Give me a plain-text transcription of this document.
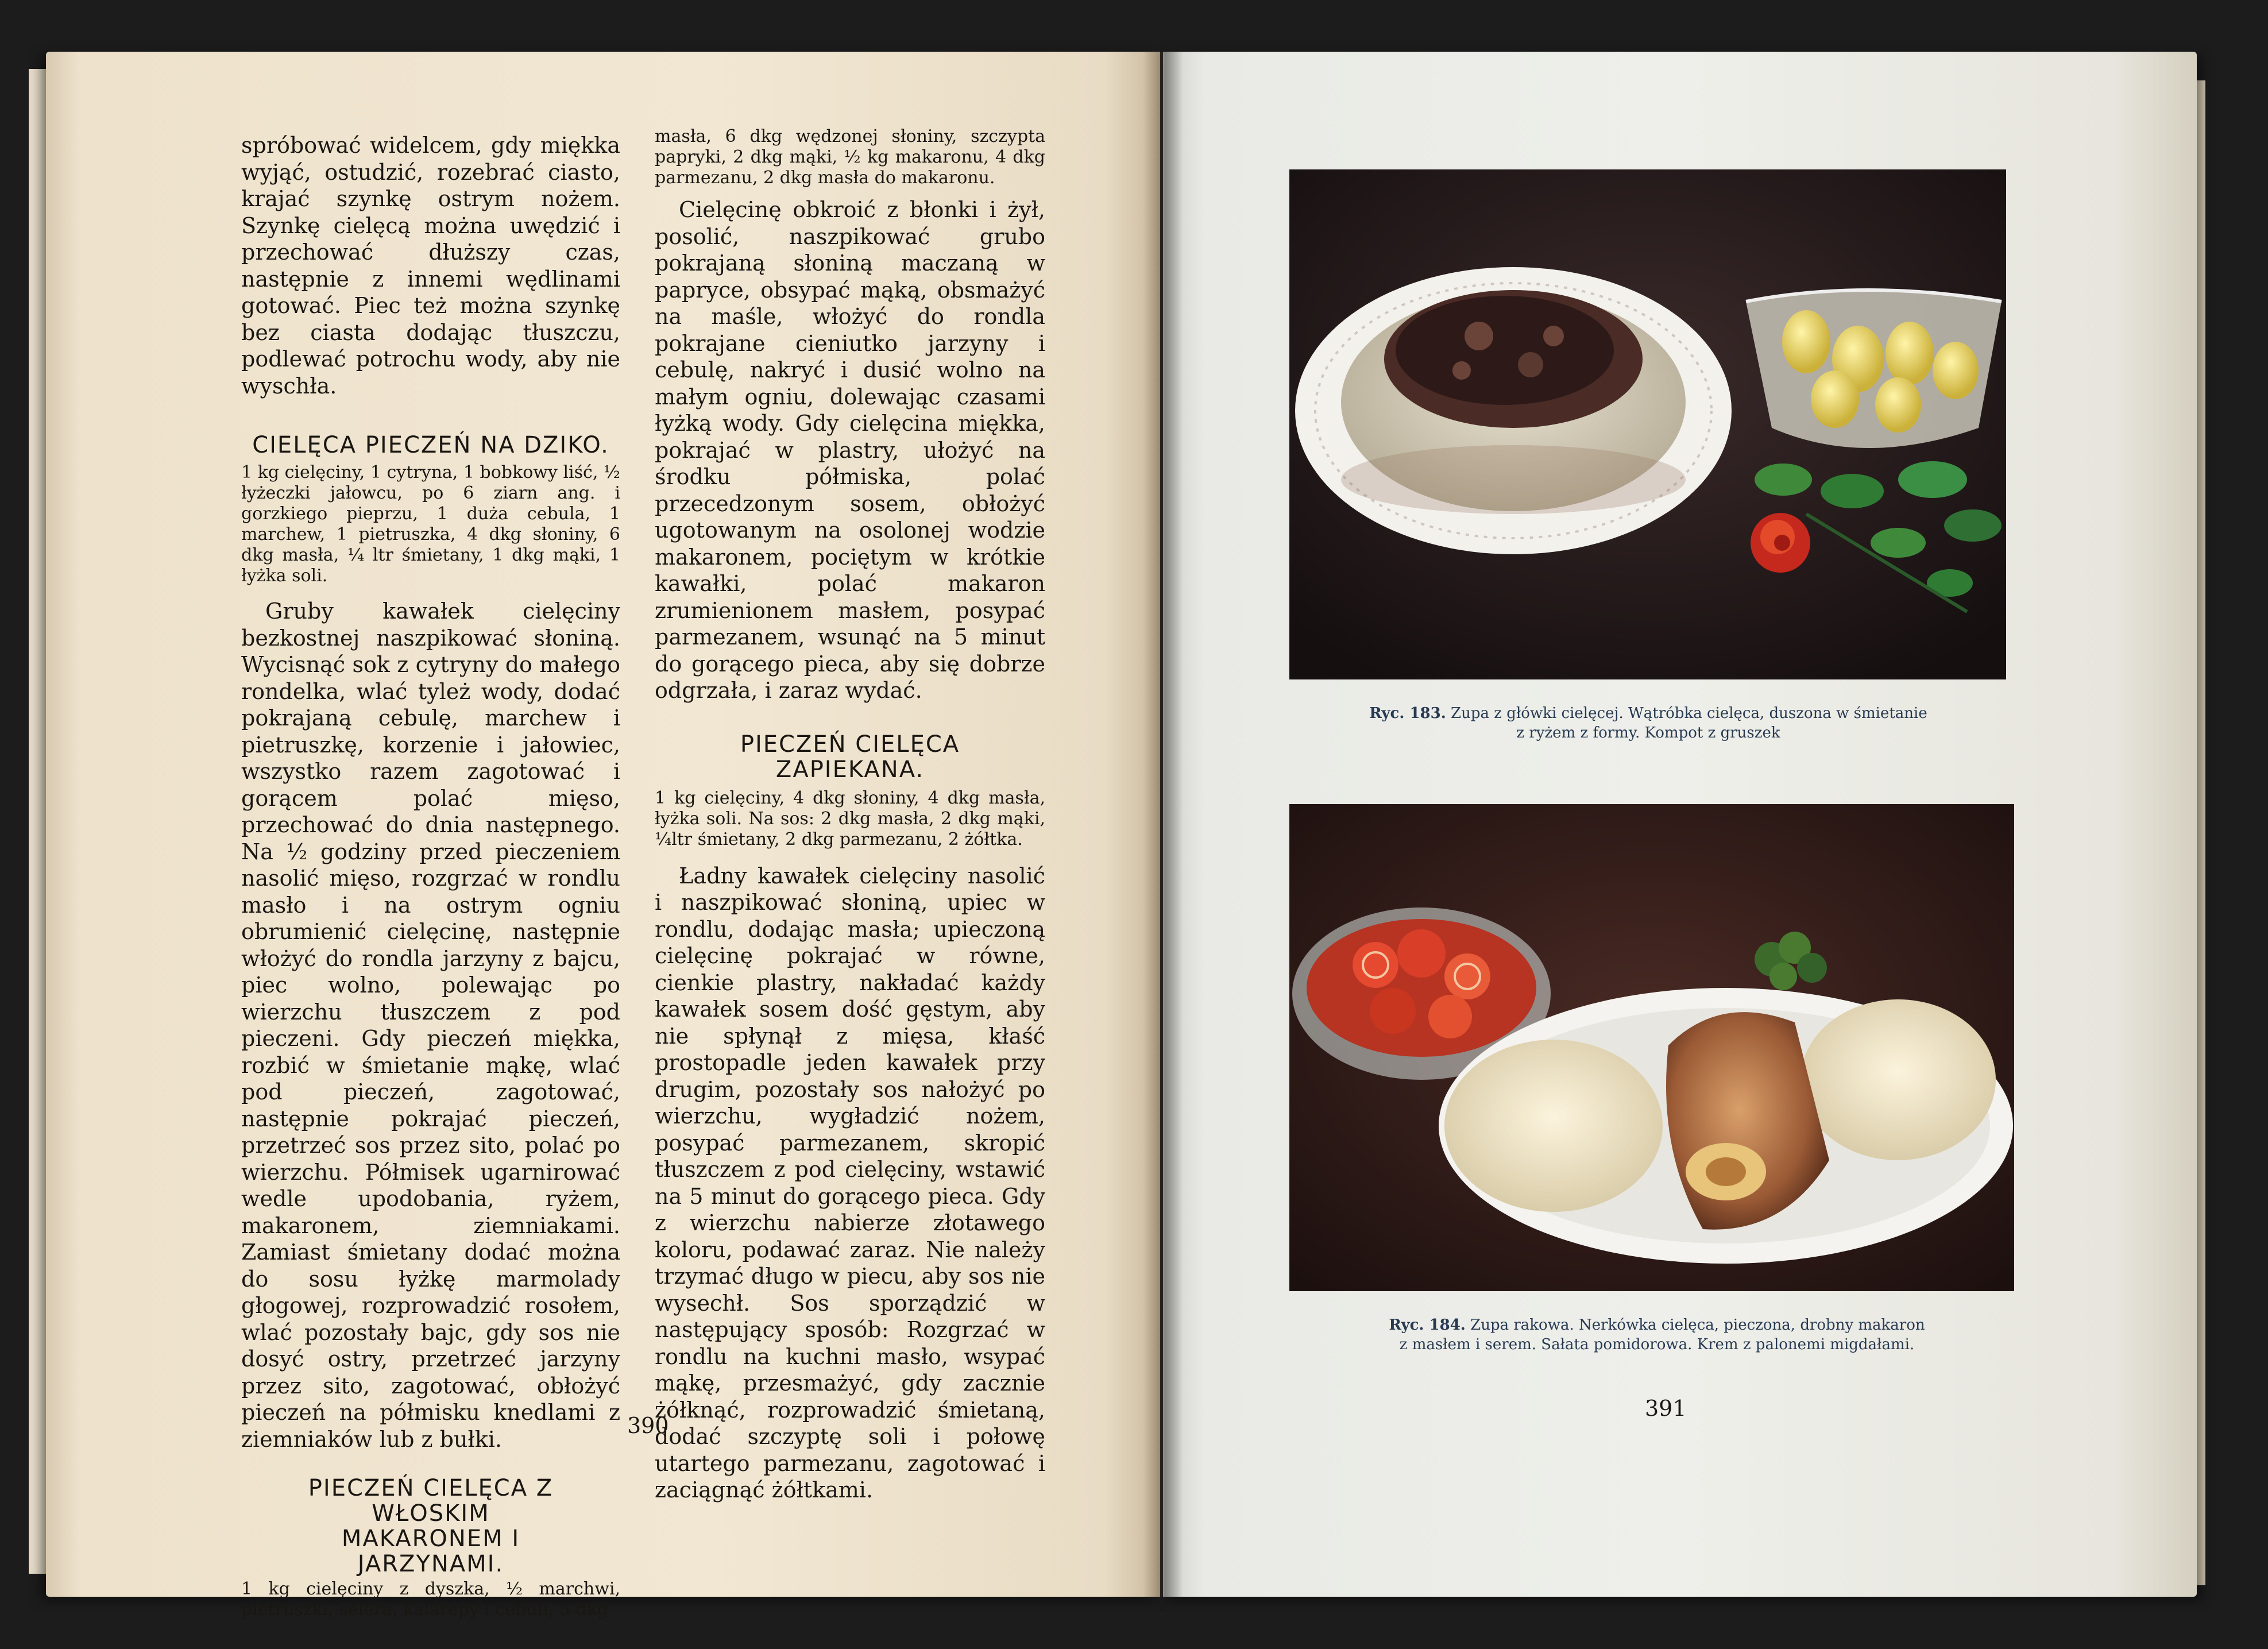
spróbować widelcem, gdy miękka wyjąć, ostudzić, rozebrać ciasto, krajać szynkę ostrym nożem. Szynkę cielęcą można uwędzić i przechować dłuższy czas, następnie z innemi wędlinami gotować. Piec też można szynkę bez ciasta dodając tłuszczu, podlewać potrochu wody, aby nie wyschła.

CIELĘCA PIECZEŃ NA DZIKO.

1 kg cielęciny, 1 cytryna, 1 bobkowy liść, ½ łyżeczki jałowcu, po 6 ziarn ang. i gorzkiego pieprzu, 1 duża cebula, 1 marchew, 1 pietruszka, 4 dkg słoniny, 6 dkg masła, ¼ ltr śmietany, 1 dkg mąki, 1 łyżka soli.

Gruby kawałek cielęciny bezkostnej naszpikować słoniną. Wycisnąć sok z cytryny do małego rondelka, wlać tyleż wody, dodać pokrajaną cebulę, marchew i pietruszkę, korzenie i jałowiec, wszystko razem zagotować i gorącem polać mięso, przechować do dnia następnego. Na ½ godziny przed pieczeniem nasolić mięso, rozgrzać w rondlu masło i na ostrym ogniu obrumienić cielęcinę, następnie włożyć do rondla jarzyny z bajcu, piec wolno, polewając po wierzchu tłuszczem z pod pieczeni. Gdy pieczeń miękka, rozbić w śmietanie mąkę, wlać pod pieczeń, zagotować, następnie pokrajać pieczeń, przetrzeć sos przez sito, polać po wierzchu. Półmisek ugarnirować wedle upodobania, ryżem, makaronem, ziemniakami. Zamiast śmietany dodać można do sosu łyżkę marmolady głogowej, rozprowadzić rosołem, wlać pozostały bajc, gdy sos nie dosyć ostry, przetrzeć jarzyny przez sito, zagotować, obłożyć pieczeń na półmisku knedlami z ziemniaków lub z bułki.

PIECZEŃ CIELĘCA Z WŁOSKIM MAKARONEM I JARZYNAMI.

1 kg cielęciny z dyszka, ½ marchwi, pietruszki, selera, kalarepy i cebuli, 5 dkg

masła, 6 dkg wędzonej słoniny, szczypta papryki, 2 dkg mąki, ½ kg makaronu, 4 dkg parmezanu, 2 dkg masła do makaronu.

Cielęcinę obkroić z błonki i żył, posolić, naszpikować grubo pokrajaną słoniną maczaną w papryce, obsypać mąką, obsmażyć na maśle, włożyć do rondla pokrajane cieniutko jarzyny i cebulę, nakryć i dusić wolno na małym ogniu, dolewając czasami łyżką wody. Gdy cielęcina miękka, pokrajać w plastry, ułożyć na środku półmiska, polać przecedzonym sosem, obłożyć ugotowanym na osolonej wodzie makaronem, pociętym w krótkie kawałki, polać makaron zrumienionem masłem, posypać parmezanem, wsunąć na 5 minut do gorącego pieca, aby się dobrze odgrzała, i zaraz wydać.

PIECZEŃ CIELĘCA ZAPIEKANA.

1 kg cielęciny, 4 dkg słoniny, 4 dkg masła, łyżka soli. Na sos: 2 dkg masła, 2 dkg mąki, ¼ltr śmietany, 2 dkg parmezanu, 2 żółtka.

Ładny kawałek cielęciny nasolić i naszpikować słoniną, upiec w rondlu, dodając masła; upieczoną cielęcinę pokrajać w równe, cienkie plastry, nakładać każdy kawałek sosem dość gęstym, aby nie spłynął z mięsa, kłaść prostopadle jeden kawałek przy drugim, pozostały sos nałożyć po wierzchu, wygładzić nożem, posypać parmezanem, skropić tłuszczem z pod cielęciny, wstawić na 5 minut do gorącego pieca. Gdy z wierzchu nabierze złotawego koloru, podawać zaraz. Nie należy trzymać długo w piecu, aby sos nie wysechł. Sos sporządzić w następujący sposób: Rozgrzać w rondlu na kuchni masło, wsypać mąkę, przesmażyć, gdy zacznie żółknąć, rozprowadzić śmietaną, dodać szczyptę soli i połowę utartego parmezanu, zagotować i zaciągnąć żółtkami.

390
Ryc. 183. Zupa z główki cielęcej. Wątróbka cielęca, duszona w śmietanie
z ryżem z formy. Kompot z gruszek
Ryc. 184. Zupa rakowa. Nerkówka cielęca, pieczona, drobny makaron
z masłem i serem. Sałata pomidorowa. Krem z palonemi migdałami.
391
